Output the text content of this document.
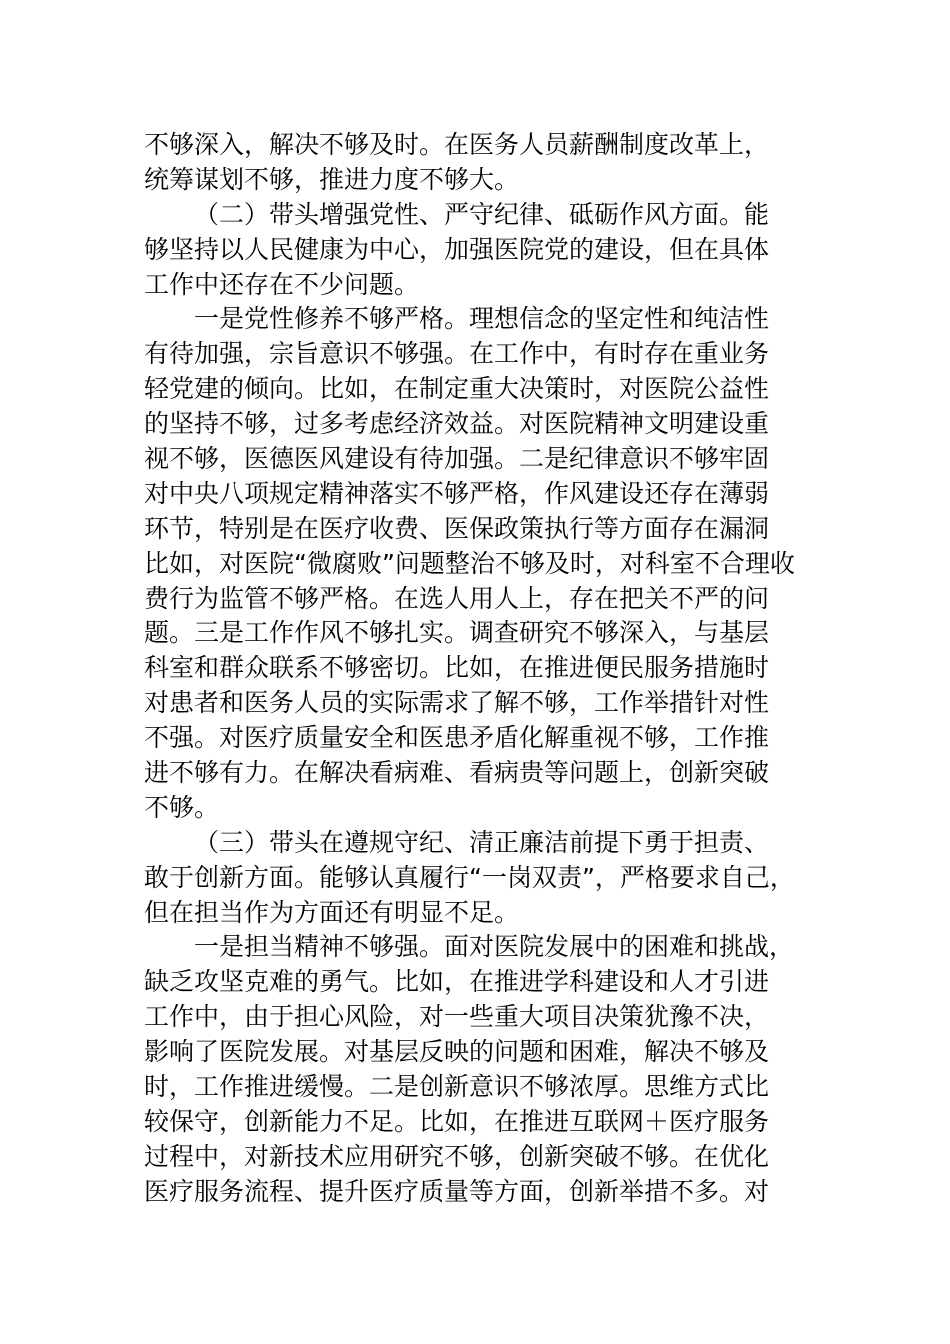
不够深入，解决不够及时。在医务人员薪酬制度改革上，
统筹谋划不够，推进力度不够大。
（二）带头增强党性、严守纪律、砥砺作风方面。能
够坚持以人民健康为中心，加强医院党的建设，但在具体
工作中还存在不少问题。
一是党性修养不够严格。理想信念的坚定性和纯洁性
有待加强，宗旨意识不够强。在工作中，有时存在重业务
轻党建的倾向。比如，在制定重大决策时，对医院公益性
的坚持不够，过多考虑经济效益。对医院精神文明建设重
视不够，医德医风建设有待加强。二是纪律意识不够牢固
对中央八项规定精神落实不够严格，作风建设还存在薄弱
环节，特别是在医疗收费、医保政策执行等方面存在漏洞
比如，对医院“微腐败”问题整治不够及时，对科室不合理收
费行为监管不够严格。在选人用人上，存在把关不严的问
题。三是工作作风不够扎实。调查研究不够深入，与基层
科室和群众联系不够密切。比如，在推进便民服务措施时
对患者和医务人员的实际需求了解不够，工作举措针对性
不强。对医疗质量安全和医患矛盾化解重视不够，工作推
进不够有力。在解决看病难、看病贵等问题上，创新突破
不够。
（三）带头在遵规守纪、清正廉洁前提下勇于担责、
敢于创新方面。能够认真履行“一岗双责”，严格要求自己，
但在担当作为方面还有明显不足。
一是担当精神不够强。面对医院发展中的困难和挑战，
缺乏攻坚克难的勇气。比如，在推进学科建设和人才引进
工作中，由于担心风险，对一些重大项目决策犹豫不决，
影响了医院发展。对基层反映的问题和困难，解决不够及
时，工作推进缓慢。二是创新意识不够浓厚。思维方式比
较保守，创新能力不足。比如，在推进互联网＋医疗服务
过程中，对新技术应用研究不够，创新突破不够。在优化
医疗服务流程、提升医疗质量等方面，创新举措不多。对
